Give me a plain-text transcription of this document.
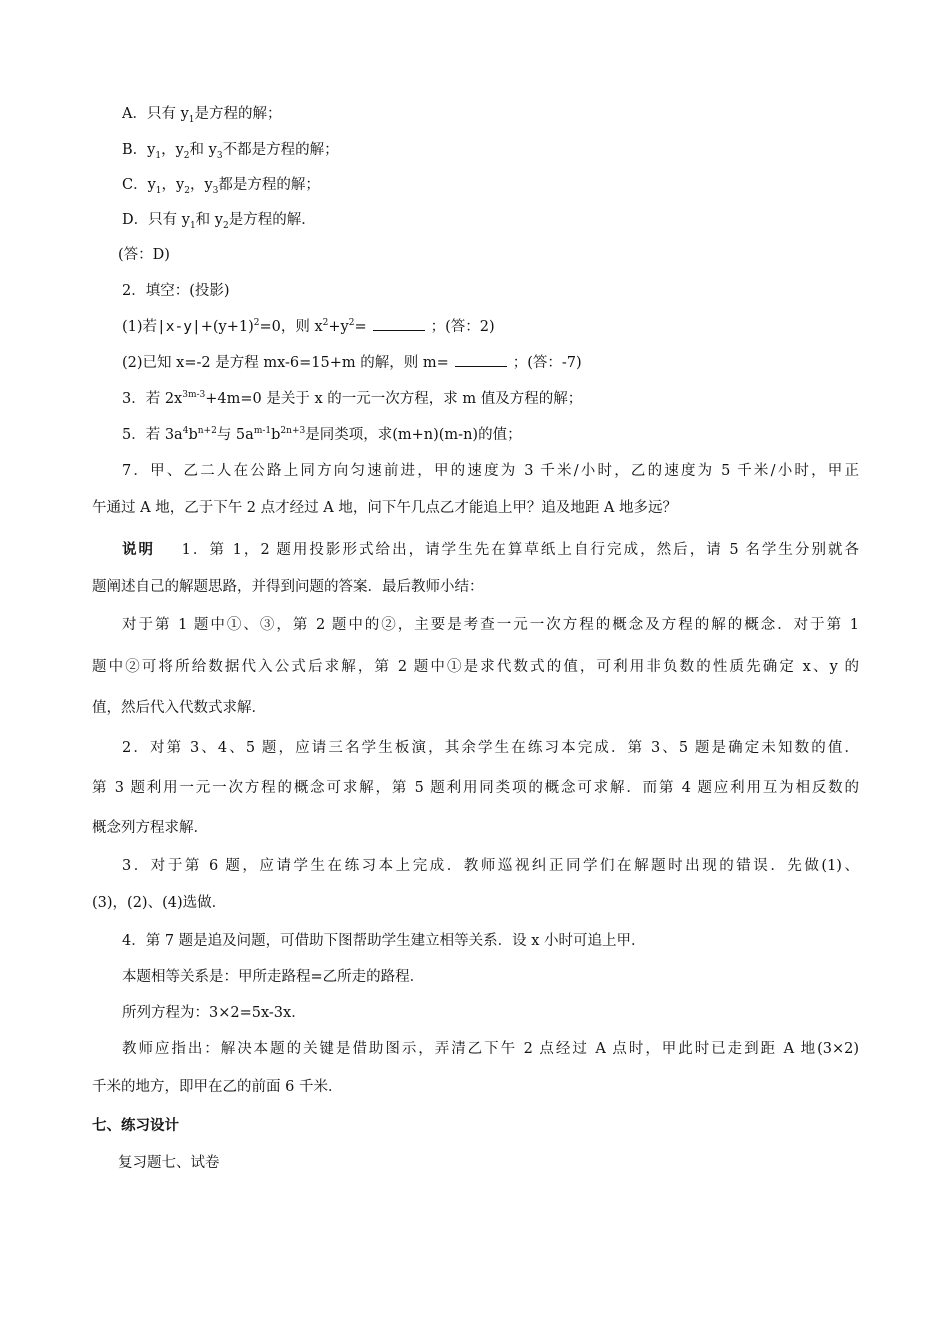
A．只有 $y_1$是方程的解；
B．$y_1$，$y_2$和 $y_3$不都是方程的解；
C．$y_1$，$y_2$，$y_3$都是方程的解；
D．只有 $y_1$和 $y_2$是方程的解．
(答：D)
2．填空：(投影)
(1)若$|x-y|+(y+1)^2=0$，则 $x^2+y^2=$	；(答：2)
(2)已知 x=-2 是方程 mx-6=15+m 的解，则 m=	；(答：-7)
3．若 $2x^{3m-3}+4m=0$ 是关于 x 的一元一次方程，求 m 值及方程的解；
5．若 $3a^4b^{n+2}$与 $5a^{m-1}b^{2n+3}$是同类项，求(m+n)(m-n)的值；
7．甲、乙二人在公路上同方向匀速前进，甲的速度为 3 千米/小时，乙的速度为 5 千米/小时，甲正
午通过 A 地，乙于下午 2 点才经过 A 地，问下午几点乙才能追上甲？追及地距 A 地多远？
说明 1．第 1，2 题用投影形式给出，请学生先在算草纸上自行完成，然后，请 5 名学生分别就各
题阐述自己的解题思路，并得到问题的答案．最后教师小结：
对于第 1 题中①、③，第 2 题中的②，主要是考查一元一次方程的概念及方程的解的概念．对于第 1
题中②可将所给数据代入公式后求解，第 2 题中①是求代数式的值，可利用非负数的性质先确定 x、y 的
值，然后代入代数式求解．
2．对第 3、4、5 题，应请三名学生板演，其余学生在练习本完成．第 3、5 题是确定未知数的值．
第 3 题利用一元一次方程的概念可求解，第 5 题利用同类项的概念可求解．而第 4 题应利用互为相反数的
概念列方程求解．
3．对于第 6 题，应请学生在练习本上完成．教师巡视纠正同学们在解题时出现的错误．先做(1)、
(3)，(2)、(4)选做．
4．第 7 题是追及问题，可借助下图帮助学生建立相等关系．设 x 小时可追上甲．
本题相等关系是：甲所走路程=乙所走的路程．
所列方程为：3×2=5x-3x．
教师应指出：解决本题的关键是借助图示，弄清乙下午 2 点经过 A 点时，甲此时已走到距 A 地(3×2)
千米的地方，即甲在乙的前面 6 千米．
七、练习设计
复习题七、试卷
